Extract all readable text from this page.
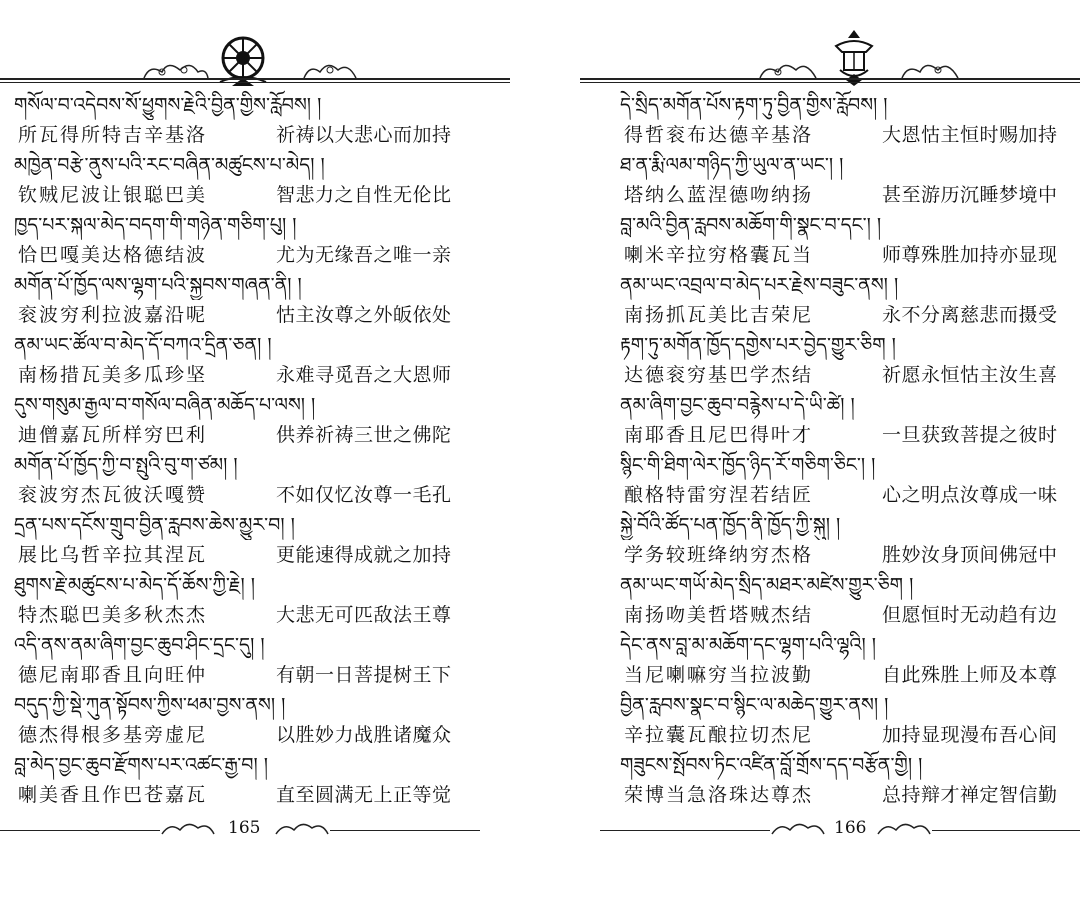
གསོལ་བ་འདེབས་སོ་ཕྱུགས་རྗེའི་བྱིན་གྱིས་རློབས། །
所瓦得所特吉辛基洛	祈祷以大悲心而加持
མཁྱེན་བརྩེ་ནུས་པའི་རང་བཞིན་མཚུངས་པ་མེད། །
钦贼尼波让银聪巴美	智悲力之自性无伦比
ཁྱད་པར་སྐལ་མེད་བདག་གི་གཉེན་གཅིག་པུ། །
恰巴嘎美达格德结波	尤为无缘吾之唯一亲
མགོན་པོ་ཁྱོད་ལས་ལྷག་པའི་སྐྱབས་གཞན་ནི། །
衮波穷利拉波嘉沿呢	怙主汝尊之外皈依处
ནམ་ཡང་ཚོལ་བ་མེད་དོ་བཀའ་དྲིན་ཅན། །
南杨措瓦美多瓜珍坚	永难寻觅吾之大恩师
དུས་གསུམ་རྒྱལ་བ་གསོལ་བཞིན་མཆོད་པ་ལས། །
迪僧嘉瓦所样穷巴利	供养祈祷三世之佛陀
མགོན་པོ་ཁྱོད་ཀྱི་བ་སྤུའི་བུ་ག་ཙམ། །
衮波穷杰瓦彼沃嘎赞	不如仅忆汝尊一毛孔
དྲན་པས་དངོས་གྲུབ་བྱིན་རླབས་ཆེས་མྱུར་བ། །
展比乌哲辛拉其涅瓦	更能速得成就之加持
ཐུགས་རྗེ་མཚུངས་པ་མེད་དོ་ཆོས་ཀྱི་རྗེ། །
特杰聪巴美多秋杰杰	大悲无可匹敌法王尊
འདི་ནས་ནམ་ཞིག་བྱང་ཆུབ་ཤིང་དྲང་དུ། །
德尼南耶香且向旺仲	有朝一日菩提树王下
བདུད་ཀྱི་སྡེ་ཀུན་སྟོབས་ཀྱིས་ཕམ་བྱས་ནས། །
德杰得根多基旁虚尼	以胜妙力战胜诸魔众
བླ་མེད་བྱང་ཆུབ་རྫོགས་པར་འཚང་རྒྱ་བ། །
喇美香且作巴苍嘉瓦	直至圆满无上正等觉
165
དེ་སྲིད་མགོན་པོས་རྟག་ཏུ་བྱིན་གྱིས་རློབས། །
得哲衮布达德辛基洛	大恩怙主恒时赐加持
ཐ་ན་རྨི་ལམ་གཉིད་ཀྱི་ཡུལ་ན་ཡང་། །
塔纳么蓝涅德吻纳扬	甚至游历沉睡梦境中
བླ་མའི་བྱིན་རླབས་མཆོག་གི་སྣང་བ་དང་། །
喇米辛拉穷格囊瓦当	师尊殊胜加持亦显现
ནམ་ཡང་འབྲལ་བ་མེད་པར་རྗེས་བཟུང་ནས། །
南扬抓瓦美比吉荣尼	永不分离慈悲而摄受
རྟག་ཏུ་མགོན་ཁྱོད་དགྱེས་པར་བྱེད་གྱུར་ཅིག །
达德衮穷基巴学杰结	祈愿永恒怙主汝生喜
ནམ་ཞིག་བྱང་ཆུབ་བརྙེས་པ་དེ་ཡི་ཚེ། །
南耶香且尼巴得叶才	一旦获致菩提之彼时
སྙིང་གི་ཐིག་ལེར་ཁྱོད་ཉིད་རོ་གཅིག་ཅིང་། །
酿格特雷穷涅若结匠	心之明点汝尊成一味
སྐྱེ་བོའི་ཚོད་པན་ཁྱོད་ནི་ཁྱོད་ཀྱི་སྐུ། །
学务较班绛纳穷杰格	胜妙汝身顶间佛冠中
ནམ་ཡང་གཡོ་མེད་སྲིད་མཐར་མཛེས་གྱུར་ཅིག །
南扬吻美哲塔贼杰结	但愿恒时无动趋有边
དེང་ནས་བླ་མ་མཆོག་དང་ལྷག་པའི་ལྷའི། །
当尼喇嘛穷当拉波勤	自此殊胜上师及本尊
བྱིན་རླབས་སྣང་བ་སྙིང་ལ་མཆེད་གྱུར་ནས། །
辛拉囊瓦酿拉切杰尼	加持显现漫布吾心间
གཟུངས་སྤོབས་ཏིང་འཛིན་བློ་གྲོས་དད་བརྩོན་གྱི། །
荣博当急洛珠达尊杰	总持辩才禅定智信勤
166
